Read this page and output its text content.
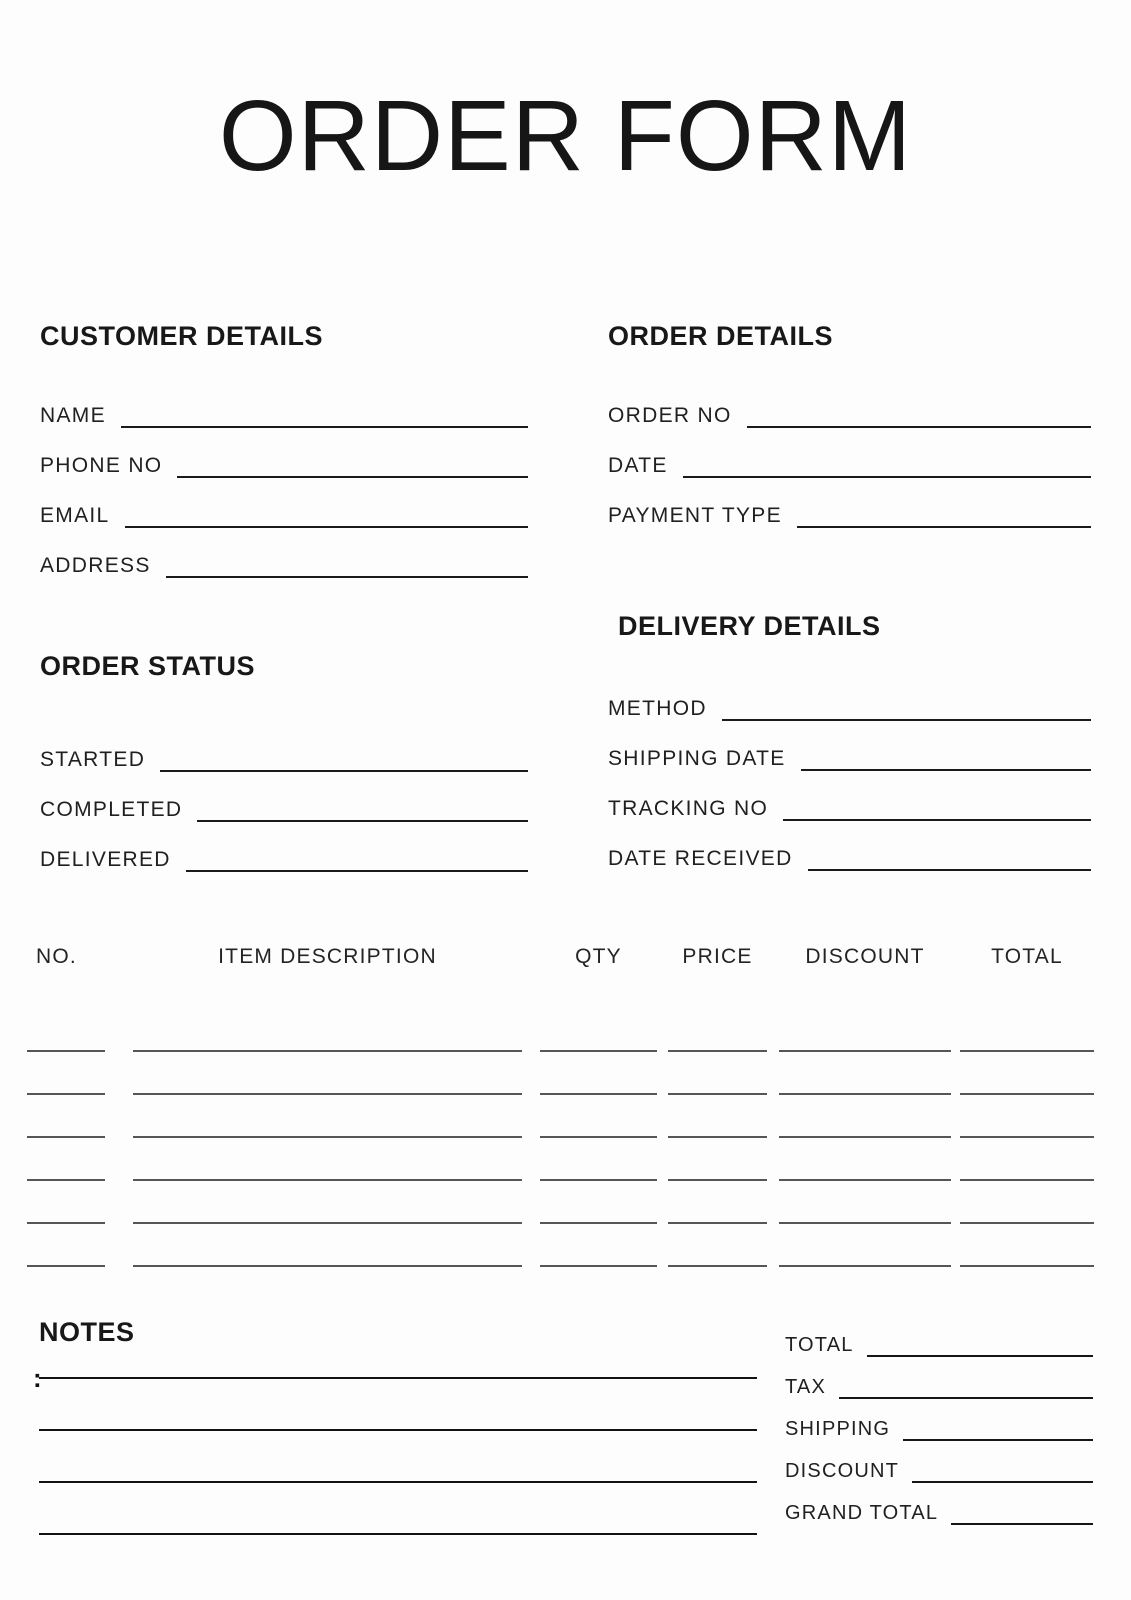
ORDER FORM
CUSTOMER DETAILS
NAME
PHONE NO
EMAIL
ADDRESS
ORDER DETAILS
ORDER NO
DATE
PAYMENT TYPE
ORDER STATUS
STARTED
COMPLETED
DELIVERED
DELIVERY DETAILS
METHOD
SHIPPING DATE
TRACKING NO
DATE RECEIVED
NO.	ITEM DESCRIPTION	QTY	PRICE	DISCOUNT	TOTAL
NOTES
:
TOTAL
TAX
SHIPPING
DISCOUNT
GRAND TOTAL
